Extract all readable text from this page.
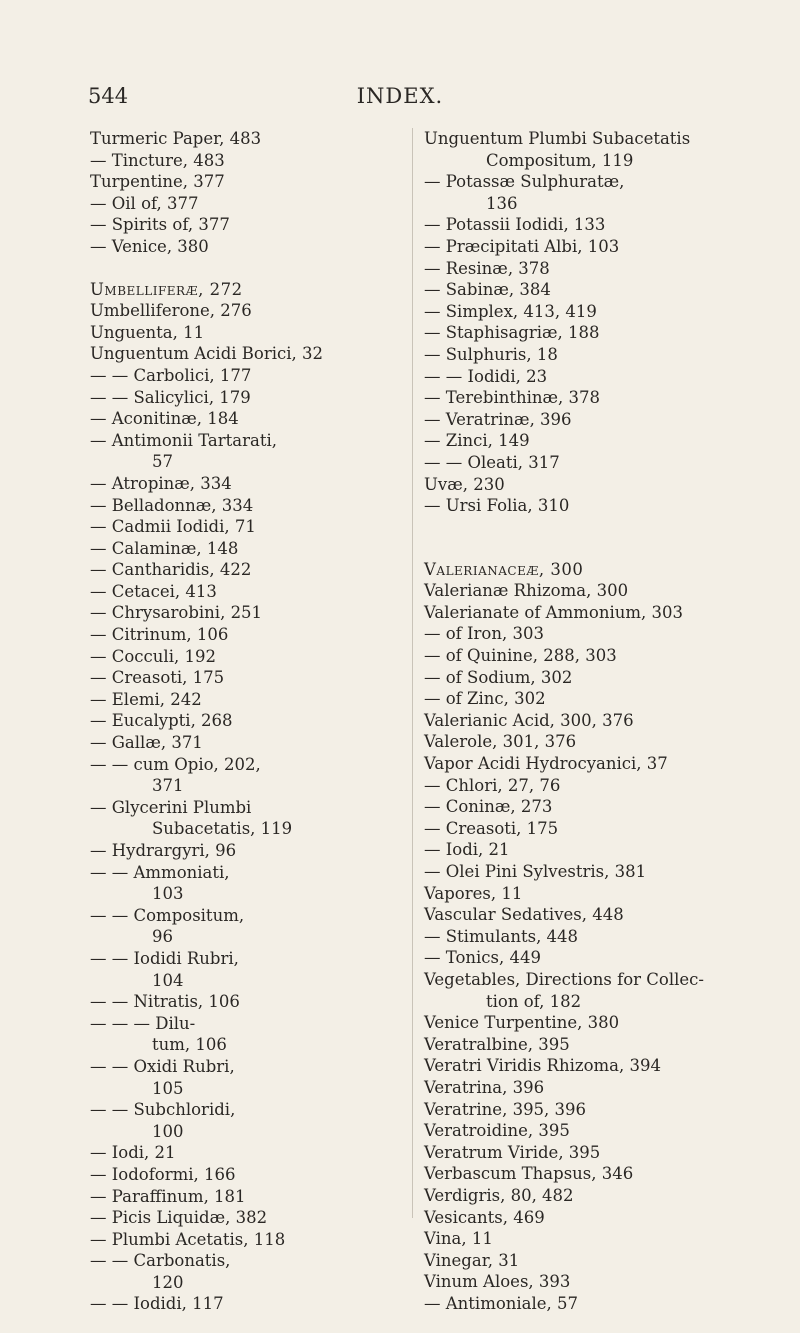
INDEX.
544
Turmeric Paper, 483
— Tincture, 483
Turpentine, 377
— Oil of, 377
— Spirits of, 377
— Venice, 380
Umbelliferæ, 272
Umbelliferone, 276
Unguenta, 11
Unguentum Acidi Borici, 32
— — Carbolici, 177
— — Salicylici, 179
— Aconitinæ, 184
— Antimonii Tartarati,
57
— Atropinæ, 334
— Belladonnæ, 334
— Cadmii Iodidi, 71
— Calaminæ, 148
— Cantharidis, 422
— Cetacei, 413
— Chrysarobini, 251
— Citrinum, 106
— Cocculi, 192
— Creasoti, 175
— Elemi, 242
— Eucalypti, 268
— Gallæ, 371
— — cum Opio, 202,
371
— Glycerini Plumbi
Subacetatis, 119
— Hydrargyri, 96
— — Ammoniati,
103
— — Compositum,
96
— — Iodidi Rubri,
104
— — Nitratis, 106
— — — Dilu-
tum, 106
— — Oxidi Rubri,
105
— — Subchloridi,
100
— Iodi, 21
— Iodoformi, 166
— Paraffinum, 181
— Picis Liquidæ, 382
— Plumbi Acetatis, 118
— — Carbonatis,
120
— — Iodidi, 117
Unguentum Plumbi Subacetatis
Compositum, 119
— Potassæ Sulphuratæ,
136
— Potassii Iodidi, 133
— Præcipitati Albi, 103
— Resinæ, 378
— Sabinæ, 384
— Simplex, 413, 419
— Staphisagriæ, 188
— Sulphuris, 18
— — Iodidi, 23
— Terebinthinæ, 378
— Veratrinæ, 396
— Zinci, 149
— — Oleati, 317
Uvæ, 230
— Ursi Folia, 310
Valerianaceæ, 300
Valerianæ Rhizoma, 300
Valerianate of Ammonium, 303
— of Iron, 303
— of Quinine, 288, 303
— of Sodium, 302
— of Zinc, 302
Valerianic Acid, 300, 376
Valerole, 301, 376
Vapor Acidi Hydrocyanici, 37
— Chlori, 27, 76
— Coninæ, 273
— Creasoti, 175
— Iodi, 21
— Olei Pini Sylvestris, 381
Vapores, 11
Vascular Sedatives, 448
— Stimulants, 448
— Tonics, 449
Vegetables, Directions for Collec-
tion of, 182
Venice Turpentine, 380
Veratralbine, 395
Veratri Viridis Rhizoma, 394
Veratrina, 396
Veratrine, 395, 396
Veratroidine, 395
Veratrum Viride, 395
Verbascum Thapsus, 346
Verdigris, 80, 482
Vesicants, 469
Vina, 11
Vinegar, 31
Vinum Aloes, 393
— Antimoniale, 57
